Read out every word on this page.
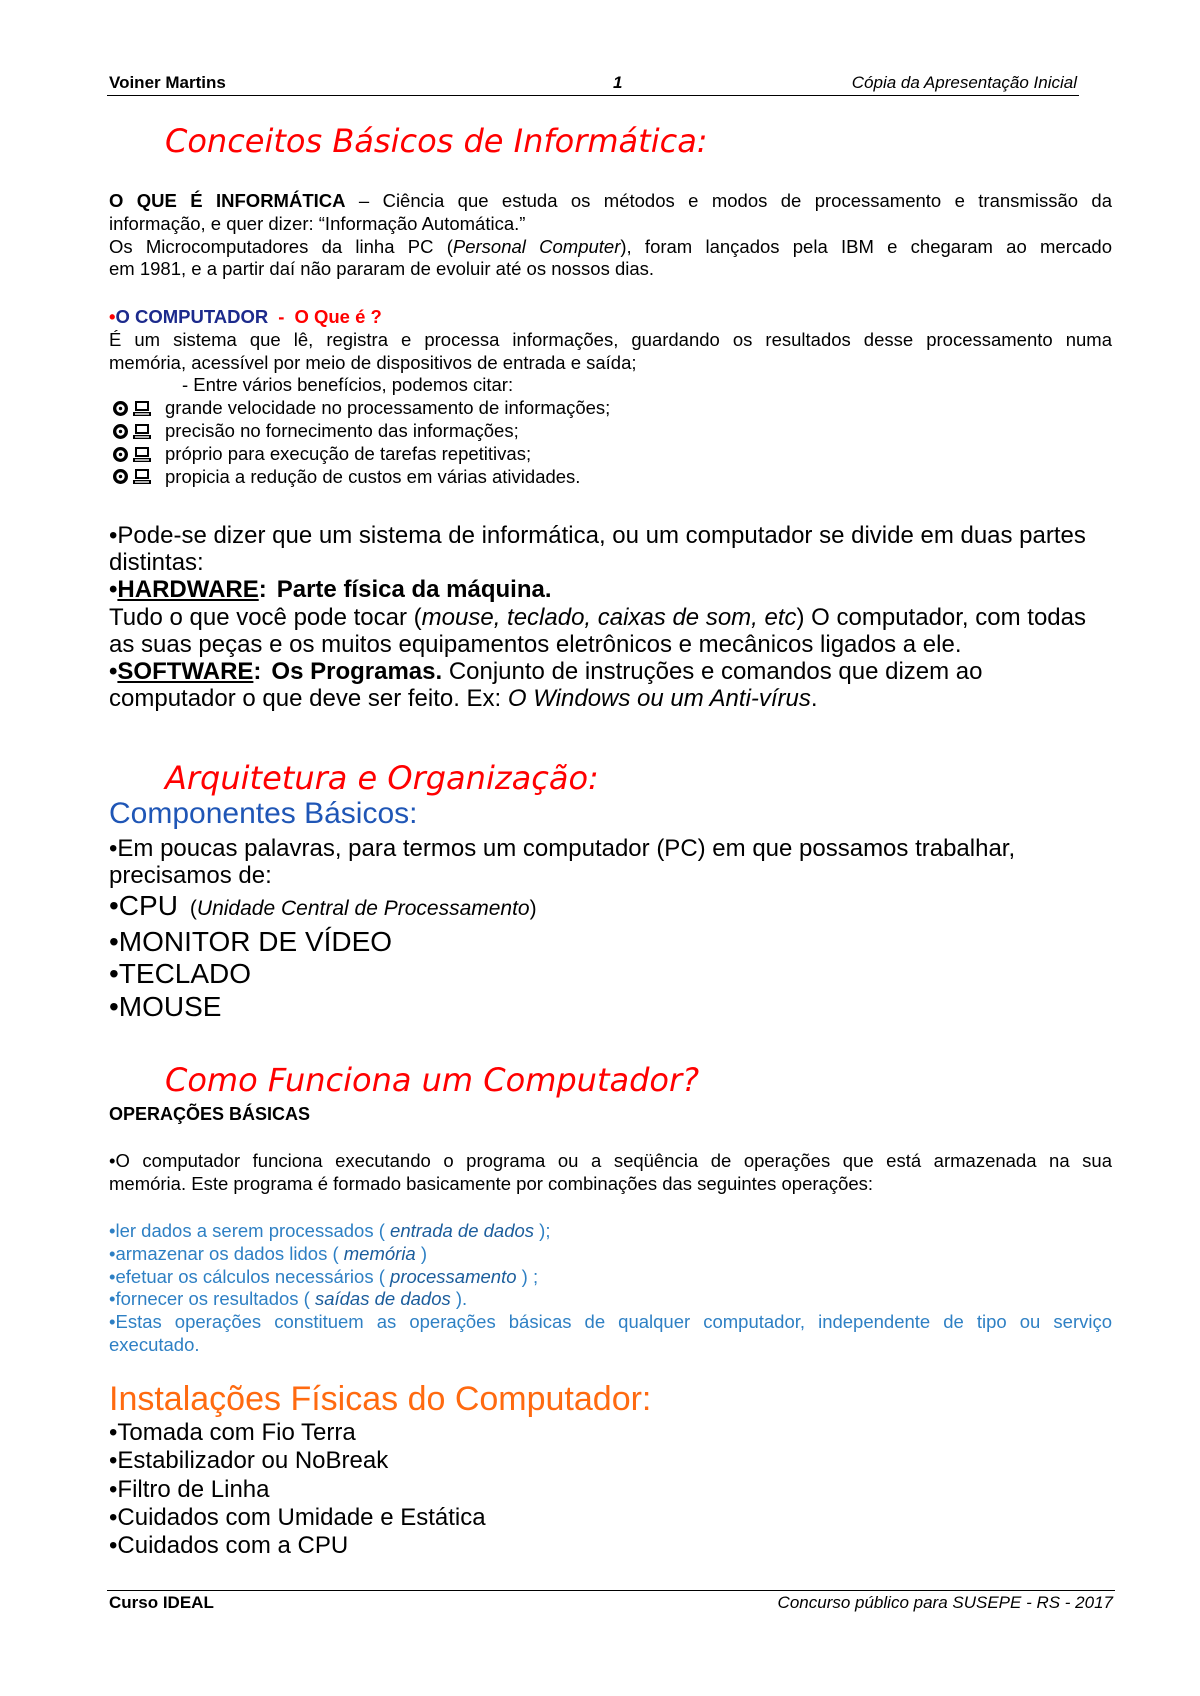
Voiner Martins	1	Cópia da Apresentação Inicial
Conceitos Básicos de Informática:
O QUE É INFORMÁTICA – Ciência que estuda os métodos e modos de processamento e transmissão da
informação, e quer dizer: “Informação Automática.”
Os Microcomputadores da linha PC (Personal Computer), foram lançados pela IBM e chegaram ao mercado
em 1981, e a partir daí não pararam de evoluir até os nossos dias.
•O COMPUTADOR - O Que é ?
É um sistema que lê, registra e processa informações, guardando os resultados desse processamento numa
memória, acessível por meio de dispositivos de entrada e saída;
- Entre vários benefícios, podemos citar:
grande velocidade no processamento de informações;
precisão no fornecimento das informações;
próprio para execução de tarefas repetitivas;
propicia a redução de custos em várias atividades.
•Pode-se dizer que um sistema de informática, ou um computador se divide em duas partes
distintas:
•HARDWARE: Parte física da máquina.
Tudo o que você pode tocar (mouse, teclado, caixas de som, etc) O computador, com todas
as suas peças e os muitos equipamentos eletrônicos e mecânicos ligados a ele.
•SOFTWARE: Os Programas. Conjunto de instruções e comandos que dizem ao
computador o que deve ser feito. Ex: O Windows ou um Anti-vírus.
Arquitetura e Organização:
Componentes Básicos:
•Em poucas palavras, para termos um computador (PC) em que possamos trabalhar,
precisamos de:
•CPU (Unidade Central de Processamento)
•MONITOR DE VÍDEO
•TECLADO
•MOUSE
Como Funciona um Computador?
OPERAÇÕES BÁSICAS
•O computador funciona executando o programa ou a seqüência de operações que está armazenada na sua
memória. Este programa é formado basicamente por combinações das seguintes operações:
•ler dados a serem processados ( entrada de dados );
•armazenar os dados lidos ( memória )
•efetuar os cálculos necessários ( processamento ) ;
•fornecer os resultados ( saídas de dados ).
•Estas operações constituem as operações básicas de qualquer computador, independente de tipo ou serviço
executado.
Instalações Físicas do Computador:
•Tomada com Fio Terra
•Estabilizador ou NoBreak
•Filtro de Linha
•Cuidados com Umidade e Estática
•Cuidados com a CPU
Curso IDEAL	Concurso público para SUSEPE - RS - 2017
